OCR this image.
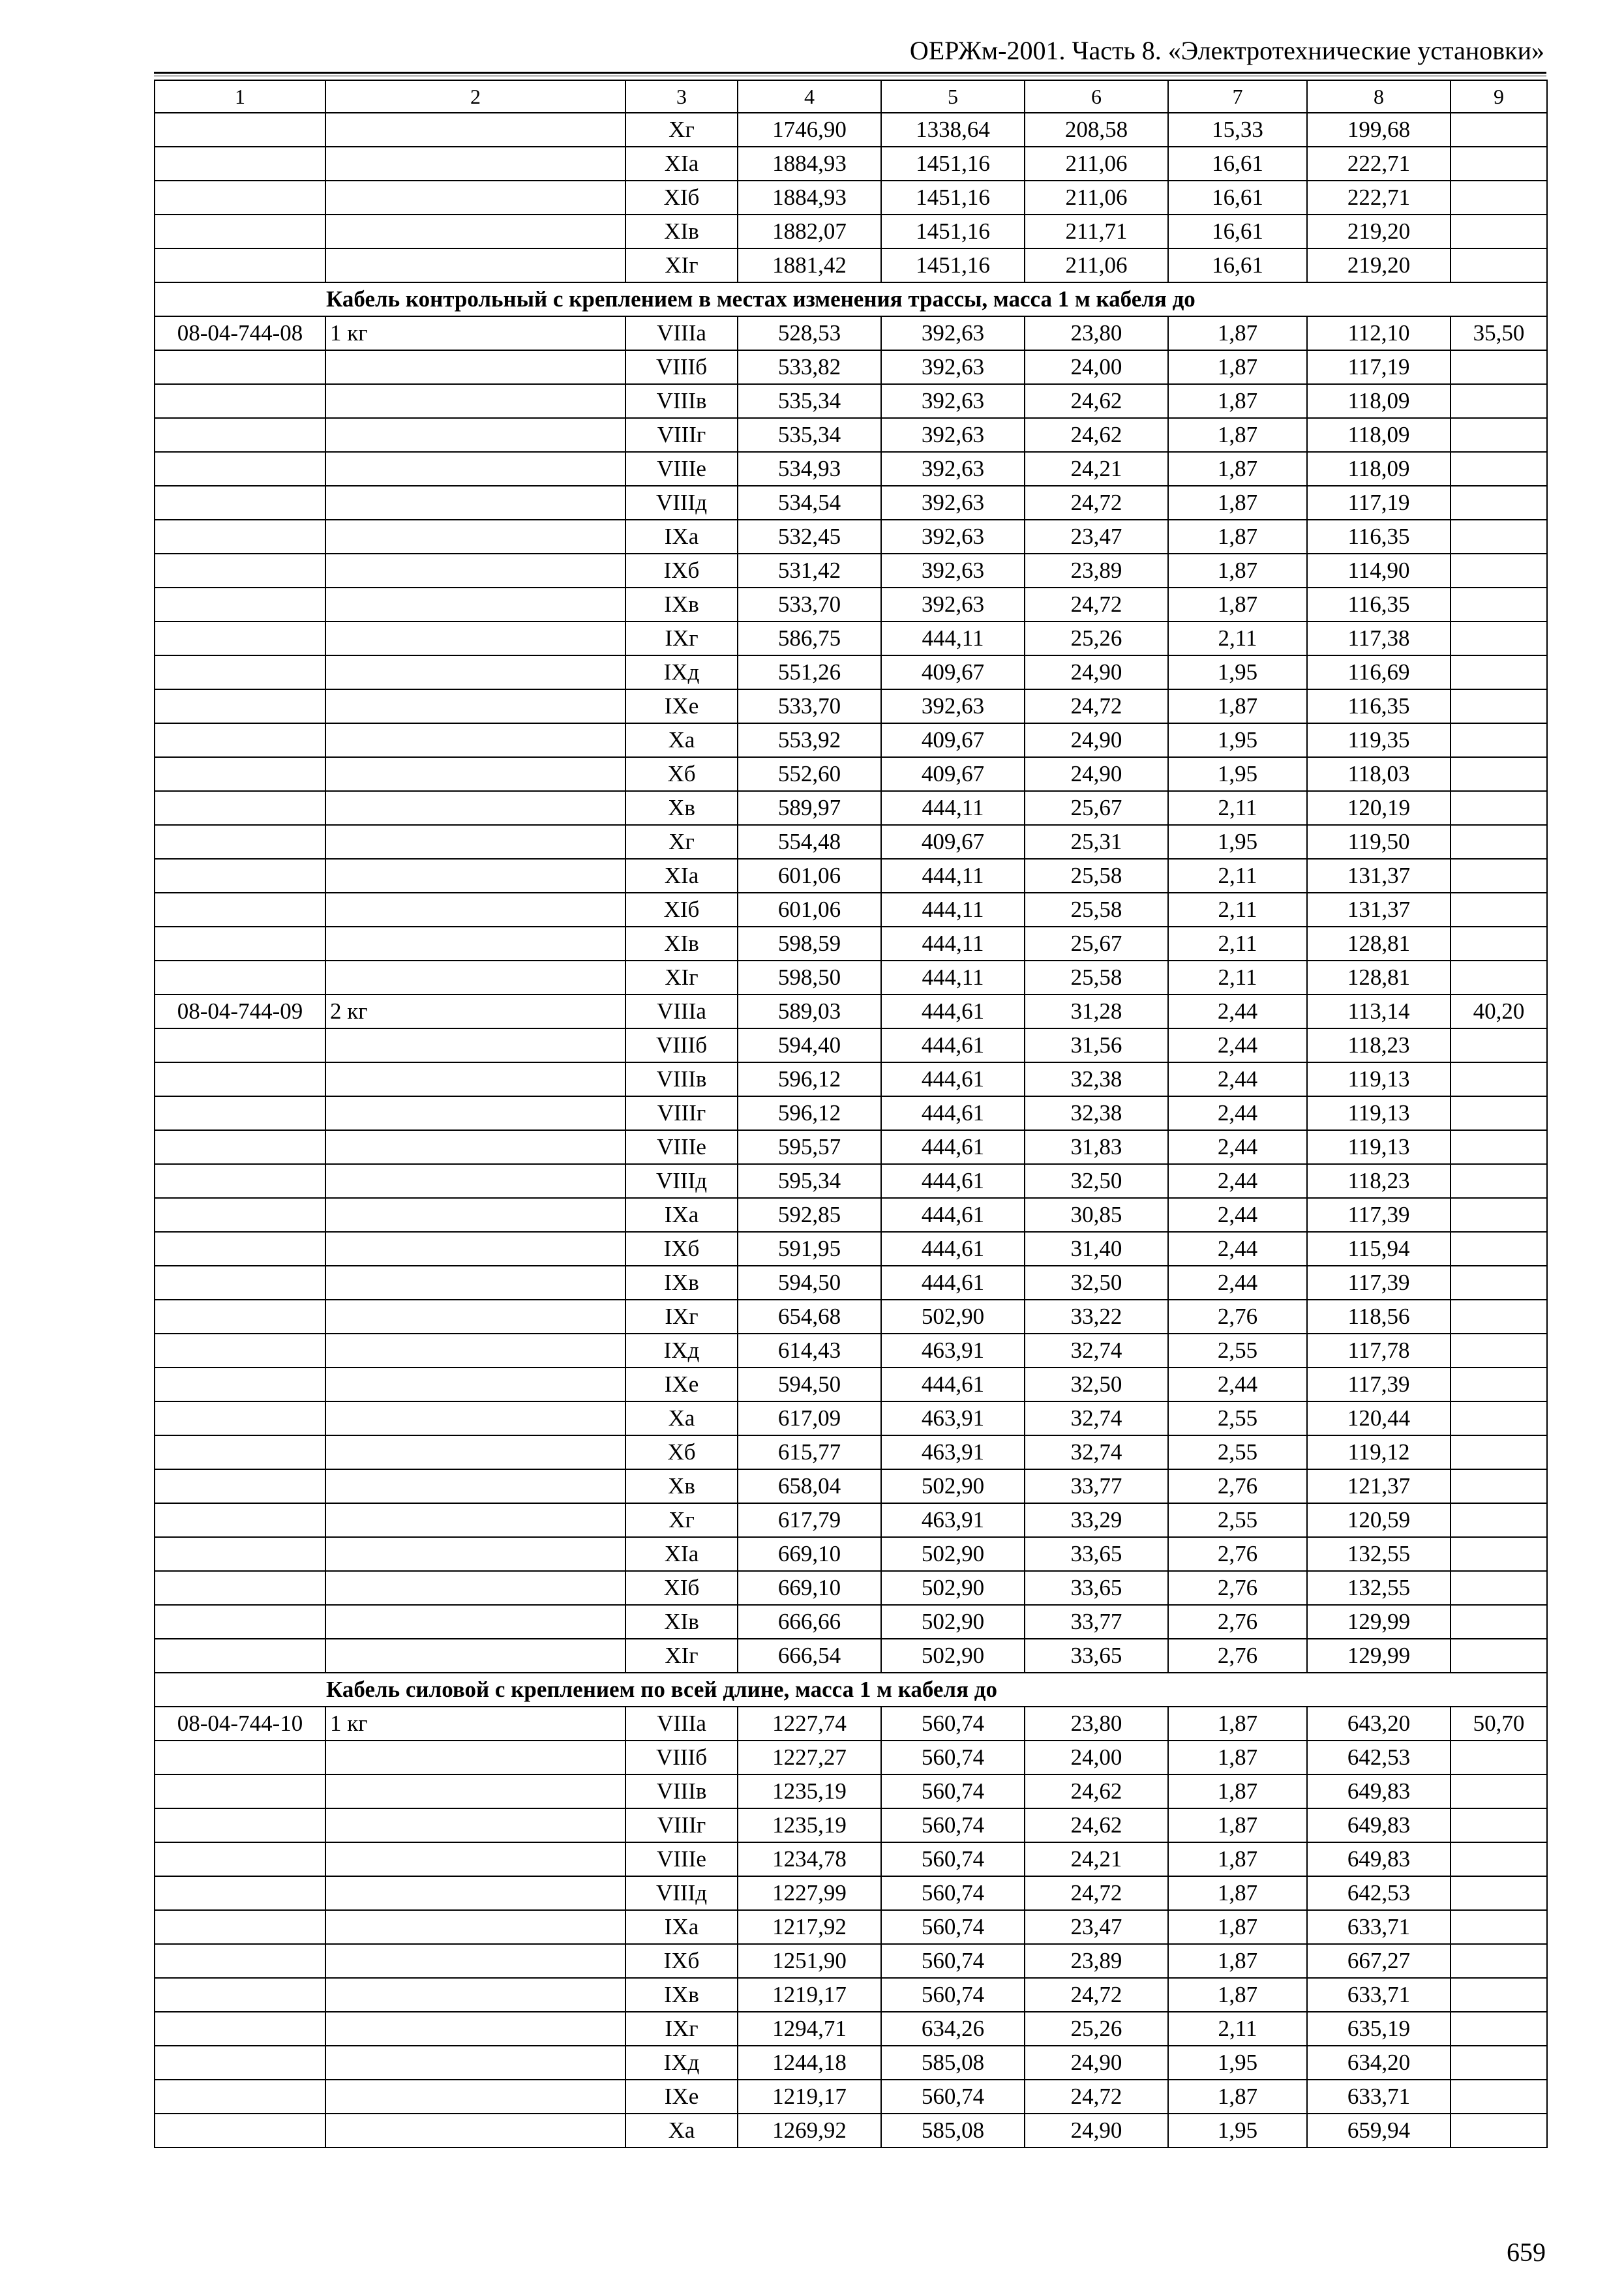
ОЕРЖм-2001. Часть 8. «Электротехнические установки»
1	2	3	4	5	6	7	8	9
		Xг	1746,90	1338,64	208,58	15,33	199,68	
		XIа	1884,93	1451,16	211,06	16,61	222,71	
		XIб	1884,93	1451,16	211,06	16,61	222,71	
		XIв	1882,07	1451,16	211,71	16,61	219,20	
		XIг	1881,42	1451,16	211,06	16,61	219,20	
Кабель контрольный с креплением в местах изменения трассы, масса 1 м кабеля до								
08-04-744-08	1 кг	VIIIа	528,53	392,63	23,80	1,87	112,10	35,50
		VIIIб	533,82	392,63	24,00	1,87	117,19	
		VIIIв	535,34	392,63	24,62	1,87	118,09	
		VIIIг	535,34	392,63	24,62	1,87	118,09	
		VIIIе	534,93	392,63	24,21	1,87	118,09	
		VIIIд	534,54	392,63	24,72	1,87	117,19	
		IXа	532,45	392,63	23,47	1,87	116,35	
		IXб	531,42	392,63	23,89	1,87	114,90	
		IXв	533,70	392,63	24,72	1,87	116,35	
		IXг	586,75	444,11	25,26	2,11	117,38	
		IXд	551,26	409,67	24,90	1,95	116,69	
		IXе	533,70	392,63	24,72	1,87	116,35	
		Xа	553,92	409,67	24,90	1,95	119,35	
		Xб	552,60	409,67	24,90	1,95	118,03	
		Xв	589,97	444,11	25,67	2,11	120,19	
		Xг	554,48	409,67	25,31	1,95	119,50	
		XIа	601,06	444,11	25,58	2,11	131,37	
		XIб	601,06	444,11	25,58	2,11	131,37	
		XIв	598,59	444,11	25,67	2,11	128,81	
		XIг	598,50	444,11	25,58	2,11	128,81	
08-04-744-09	2 кг	VIIIа	589,03	444,61	31,28	2,44	113,14	40,20
		VIIIб	594,40	444,61	31,56	2,44	118,23	
		VIIIв	596,12	444,61	32,38	2,44	119,13	
		VIIIг	596,12	444,61	32,38	2,44	119,13	
		VIIIе	595,57	444,61	31,83	2,44	119,13	
		VIIIд	595,34	444,61	32,50	2,44	118,23	
		IXа	592,85	444,61	30,85	2,44	117,39	
		IXб	591,95	444,61	31,40	2,44	115,94	
		IXв	594,50	444,61	32,50	2,44	117,39	
		IXг	654,68	502,90	33,22	2,76	118,56	
		IXд	614,43	463,91	32,74	2,55	117,78	
		IXе	594,50	444,61	32,50	2,44	117,39	
		Xа	617,09	463,91	32,74	2,55	120,44	
		Xб	615,77	463,91	32,74	2,55	119,12	
		Xв	658,04	502,90	33,77	2,76	121,37	
		Xг	617,79	463,91	33,29	2,55	120,59	
		XIа	669,10	502,90	33,65	2,76	132,55	
		XIб	669,10	502,90	33,65	2,76	132,55	
		XIв	666,66	502,90	33,77	2,76	129,99	
		XIг	666,54	502,90	33,65	2,76	129,99	
Кабель силовой с креплением по всей длине, масса 1 м кабеля до								
08-04-744-10	1 кг	VIIIа	1227,74	560,74	23,80	1,87	643,20	50,70
		VIIIб	1227,27	560,74	24,00	1,87	642,53	
		VIIIв	1235,19	560,74	24,62	1,87	649,83	
		VIIIг	1235,19	560,74	24,62	1,87	649,83	
		VIIIе	1234,78	560,74	24,21	1,87	649,83	
		VIIIд	1227,99	560,74	24,72	1,87	642,53	
		IXа	1217,92	560,74	23,47	1,87	633,71	
		IXб	1251,90	560,74	23,89	1,87	667,27	
		IXв	1219,17	560,74	24,72	1,87	633,71	
		IXг	1294,71	634,26	25,26	2,11	635,19	
		IXд	1244,18	585,08	24,90	1,95	634,20	
		IXе	1219,17	560,74	24,72	1,87	633,71	
		Xа	1269,92	585,08	24,90	1,95	659,94	
659
